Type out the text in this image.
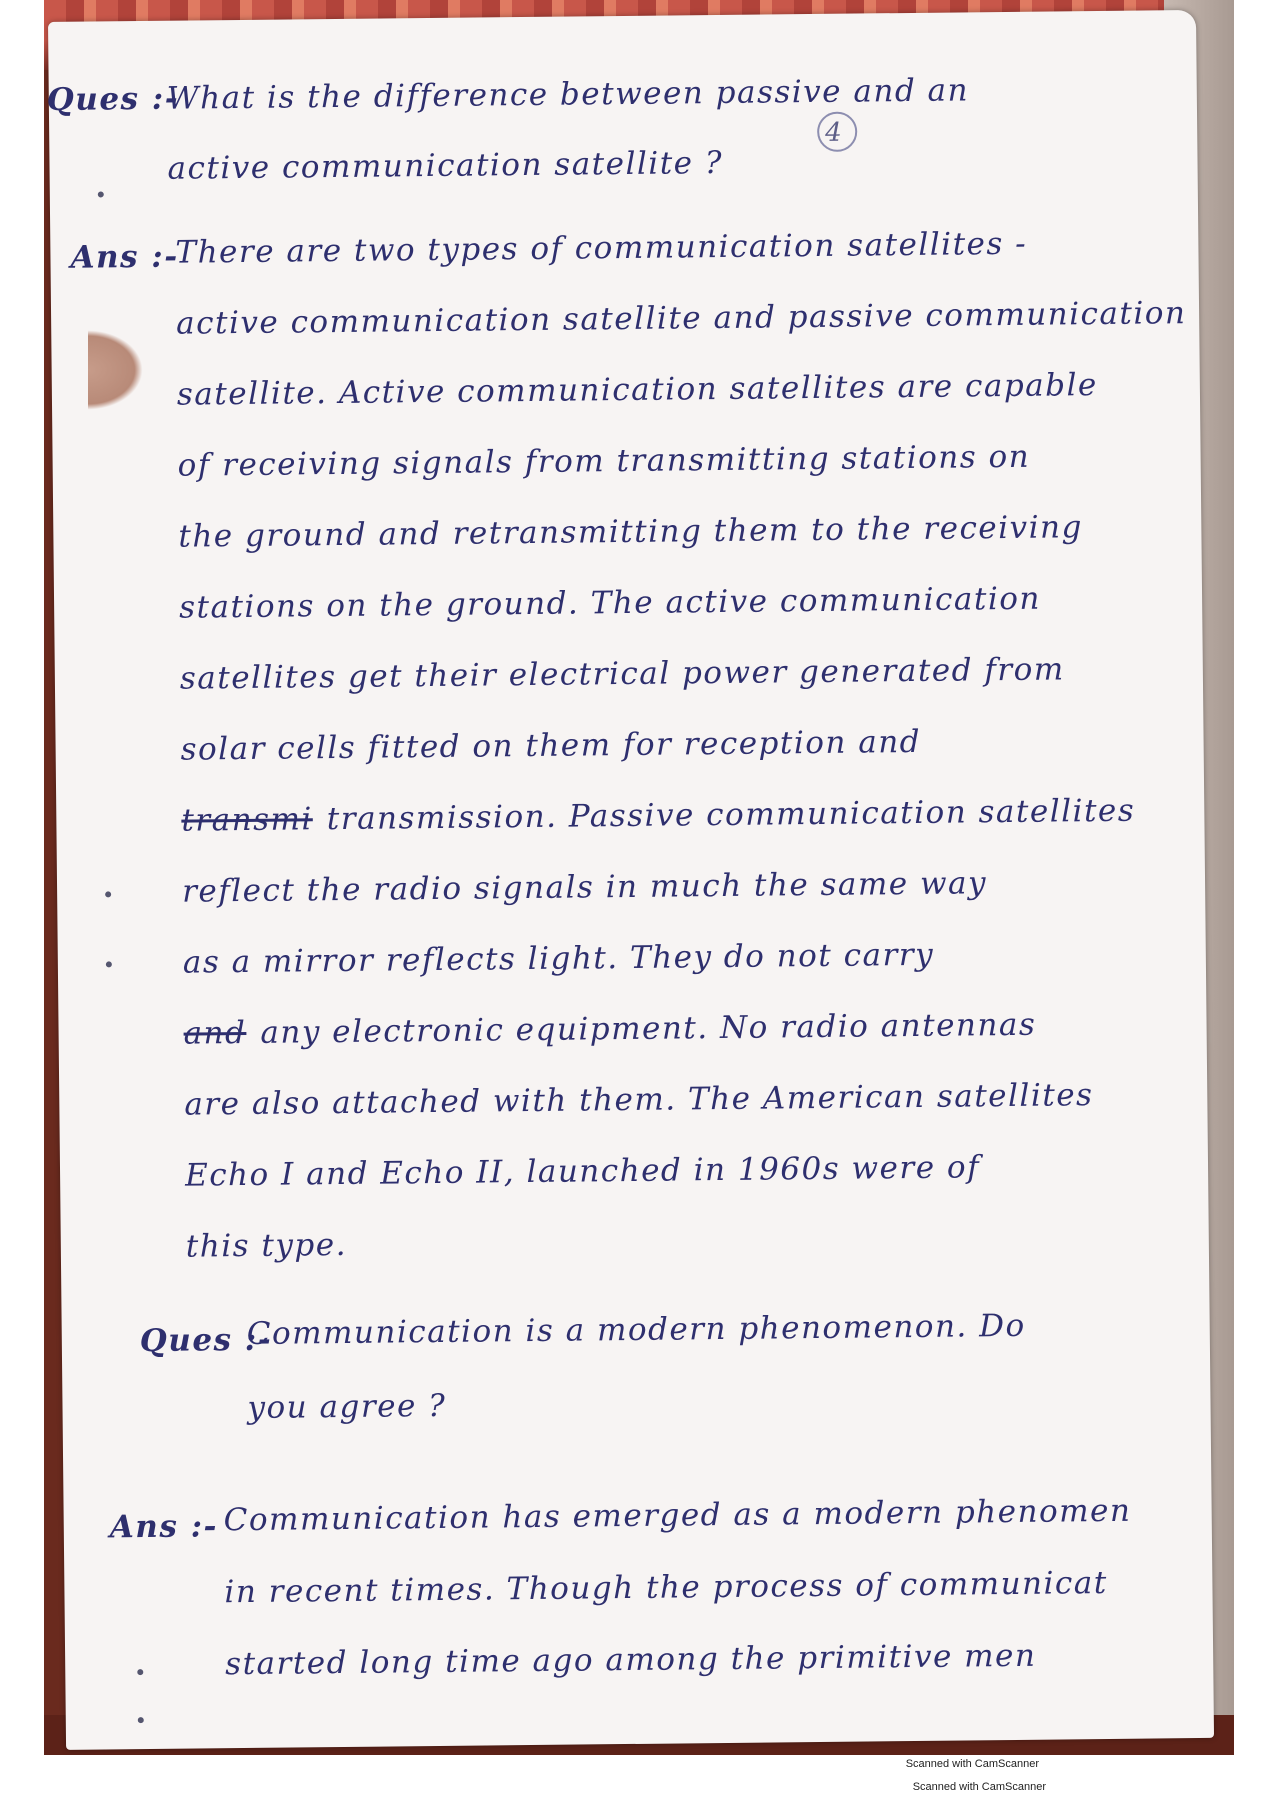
Ques :-
What is the difference between passive and an
active communication satellite ?
4
Ans :-
There are two types of communication satellites -
active communication satellite and passive communication
satellite. Active communication satellites are capable
of receiving signals from transmitting stations on
the ground and retransmitting them to the receiving
stations on the ground. The active communication
satellites get their electrical power generated from
solar cells fitted on them for reception and
transmi transmission. Passive communication satellites
reflect the radio signals in much the same way
as a mirror reflects light. They do not carry
and any electronic equipment. No radio antennas
are also attached with them. The American satellites
Echo I and Echo II, launched in 1960s were of
this type.
Ques :-
Communication is a modern phenomenon. Do
you agree ?
Ans :- Communication has emerged as a modern phenomen
in recent times. Though the process of communicat
started long time ago among the primitive men
Scanned with CamScanner
Scanned with CamScanner
